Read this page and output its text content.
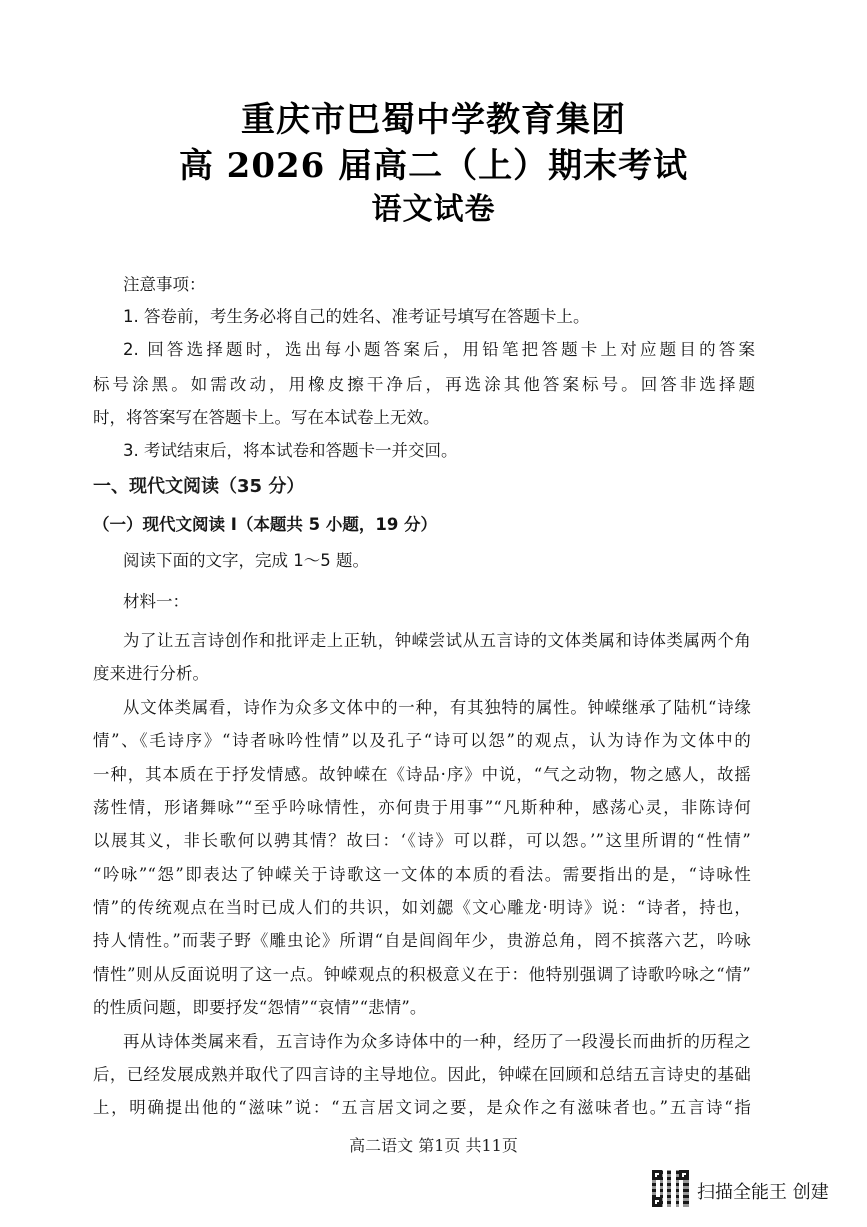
重庆市巴蜀中学教育集团
高 2026 届高二（上）期末考试
语文试卷
注意事项：
1. 答卷前，考生务必将自己的姓名、准考证号填写在答题卡上。
2. 回答选择题时，选出每小题答案后，用铅笔把答题卡上对应题目的答案
标号涂黑。如需改动，用橡皮擦干净后，再选涂其他答案标号。回答非选择题
时，将答案写在答题卡上。写在本试卷上无效。
3. 考试结束后，将本试卷和答题卡一并交回。
一、现代文阅读（35 分）
（一）现代文阅读 I（本题共 5 小题，19 分）
阅读下面的文字，完成 1～5 题。
材料一：
为了让五言诗创作和批评走上正轨，钟嵘尝试从五言诗的文体类属和诗体类属两个角
度来进行分析。
从文体类属看，诗作为众多文体中的一种，有其独特的属性。钟嵘继承了陆机“诗缘
情”、《毛诗序》“诗者咏吟性情”以及孔子“诗可以怨”的观点，认为诗作为文体中的
一种，其本质在于抒发情感。故钟嵘在《诗品·序》中说，“气之动物，物之感人，故摇
荡性情，形诸舞咏”“至乎吟咏情性，亦何贵于用事”“凡斯种种，感荡心灵，非陈诗何
以展其义，非长歌何以骋其情？故曰：‘《诗》可以群，可以怨。’”这里所谓的“性情”
“吟咏”“怨”即表达了钟嵘关于诗歌这一文体的本质的看法。需要指出的是，“诗咏性
情”的传统观点在当时已成人们的共识，如刘勰《文心雕龙·明诗》说：“诗者，持也，
持人情性。”而裴子野《雕虫论》所谓“自是闾阎年少，贵游总角，罔不摈落六艺，吟咏
情性”则从反面说明了这一点。钟嵘观点的积极意义在于：他特别强调了诗歌吟咏之“情”
的性质问题，即要抒发“怨情”“哀情”“悲情”。
再从诗体类属来看，五言诗作为众多诗体中的一种，经历了一段漫长而曲折的历程之
后，已经发展成熟并取代了四言诗的主导地位。因此，钟嵘在回顾和总结五言诗史的基础
上，明确提出他的“滋味”说：“五言居文词之要，是众作之有滋味者也。”五言诗“指
高二语文 第1页 共11页
扫描全能王 创建
